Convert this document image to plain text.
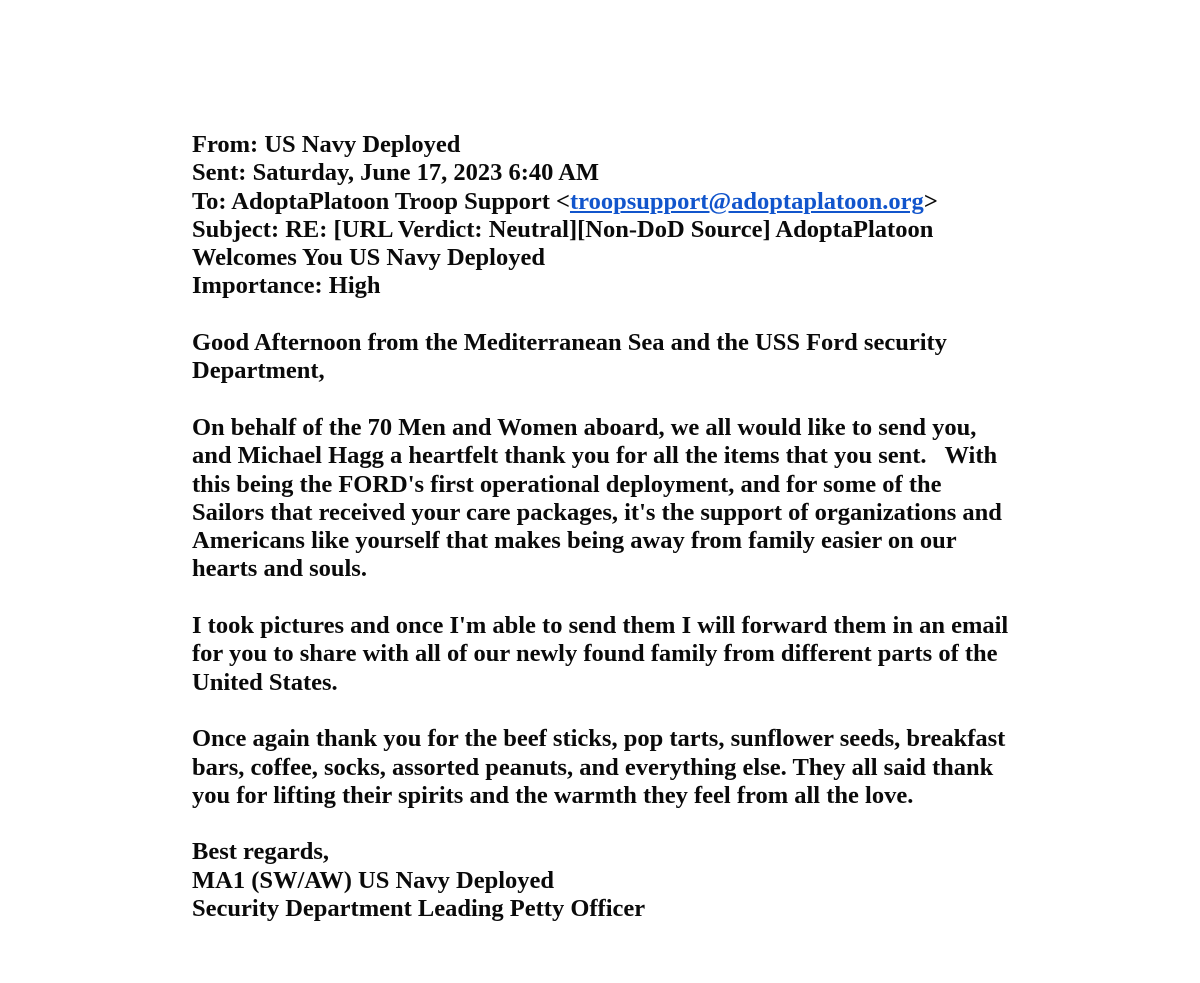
From: US Navy Deployed
Sent: Saturday, June 17, 2023 6:40 AM
To: AdoptaPlatoon Troop Support <troopsupport@adoptaplatoon.org>
Subject: RE: [URL Verdict: Neutral][Non-DoD Source] AdoptaPlatoon
Welcomes You US Navy Deployed
Importance: High
Good Afternoon from the Mediterranean Sea and the USS Ford security
Department,
On behalf of the 70 Men and Women aboard, we all would like to send you,
and Michael Hagg a heartfelt thank you for all the items that you sent.   With
this being the FORD's first operational deployment, and for some of the
Sailors that received your care packages, it's the support of organizations and
Americans like yourself that makes being away from family easier on our
hearts and souls.
I took pictures and once I'm able to send them I will forward them in an email
for you to share with all of our newly found family from different parts of the
United States.
Once again thank you for the beef sticks, pop tarts, sunflower seeds, breakfast
bars, coffee, socks, assorted peanuts, and everything else. They all said thank
you for lifting their spirits and the warmth they feel from all the love.
Best regards,
MA1 (SW/AW) US Navy Deployed
Security Department Leading Petty Officer
